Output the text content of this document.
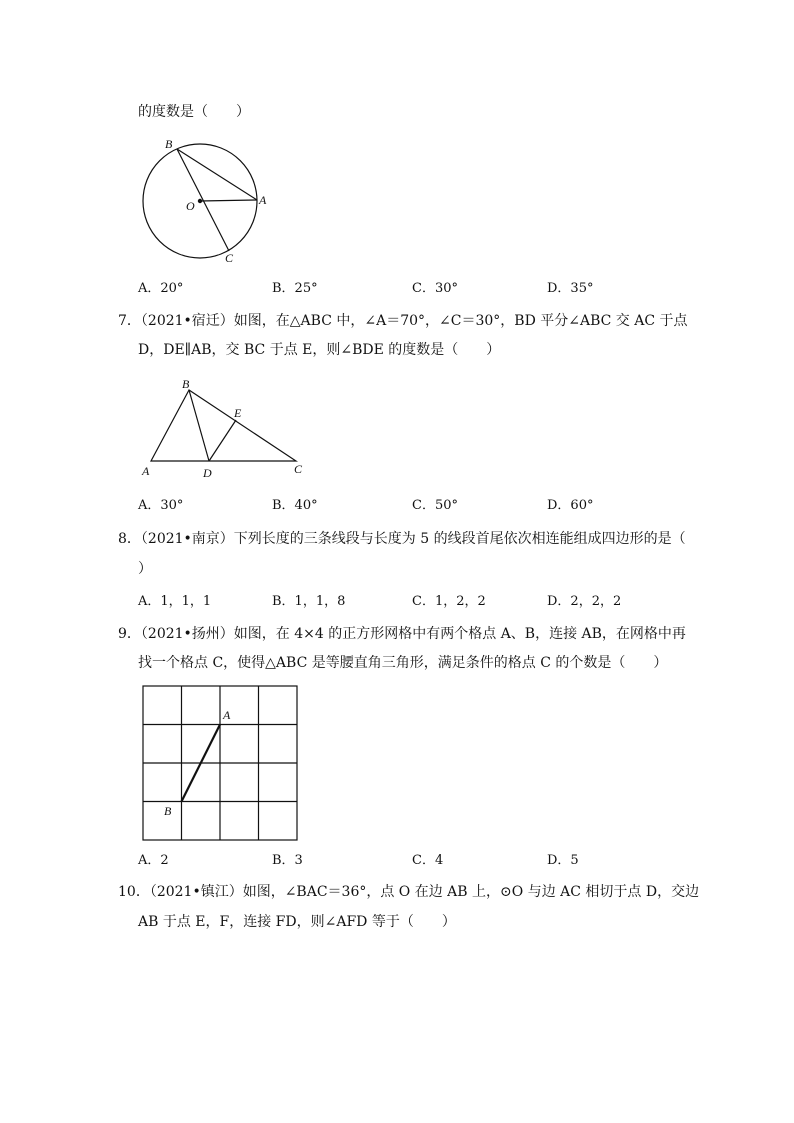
的度数是（　　）
B
O	A
C
A．20°	B．25°	C．30°	D．35°
7．（2021•宿迁）如图，在△ABC 中，∠A＝70°，∠C＝30°，BD 平分∠ABC 交 AC 于点
D，DE∥AB，交 BC 于点 E，则∠BDE 的度数是（　　）
B
E
A	D	C
A．30°	B．40°	C．50°	D．60°
8．（2021•南京）下列长度的三条线段与长度为 5 的线段首尾依次相连能组成四边形的是（
）
A．1，1，1	B．1，1，8	C．1，2，2	D．2，2，2
9．（2021•扬州）如图，在 4×4 的正方形网格中有两个格点 A、B，连接 AB，在网格中再
找一个格点 C，使得△ABC 是等腰直角三角形，满足条件的格点 C 的个数是（　　）
A
B
A．2	B．3	C．4	D．5
10．（2021•镇江）如图，∠BAC＝36°，点 O 在边 AB 上，⊙O 与边 AC 相切于点 D，交边
AB 于点 E，F，连接 FD，则∠AFD 等于（　　）
